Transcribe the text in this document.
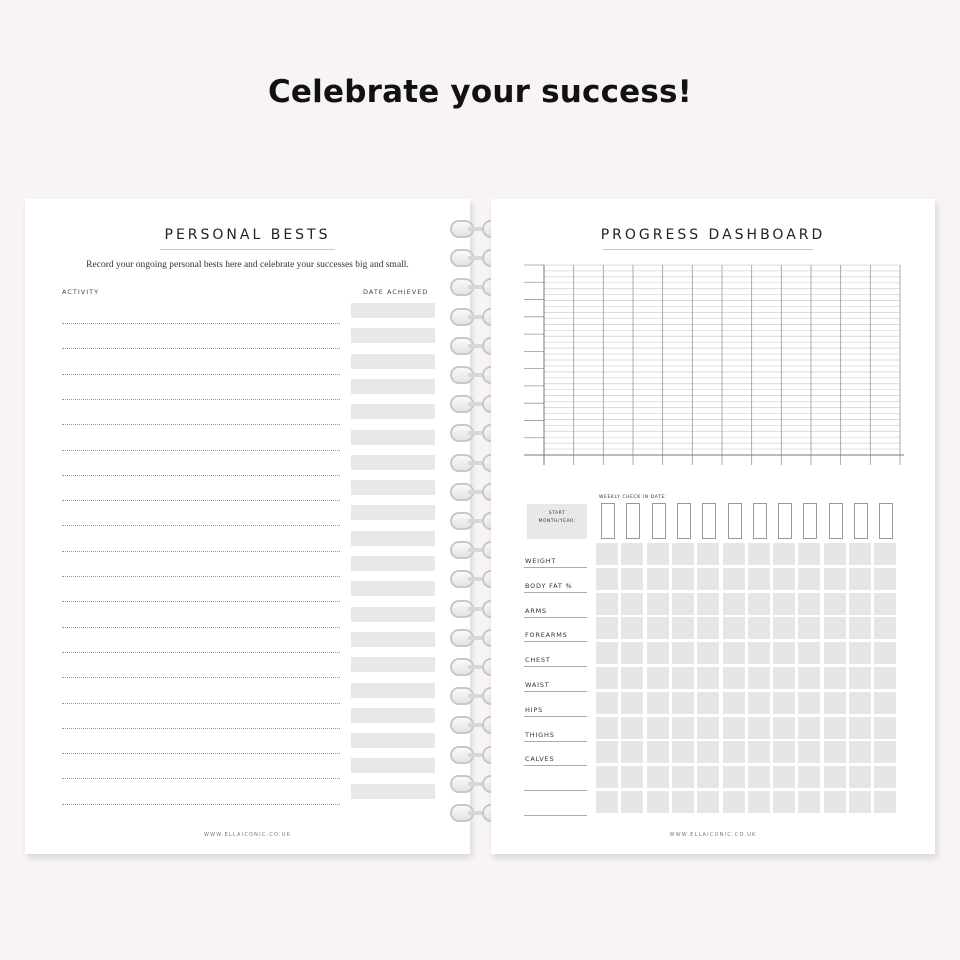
Celebrate your success!
PERSONAL BESTS
Record your ongoing personal bests here and celebrate your successes big and small.
ACTIVITY	DATE ACHIEVED
WWW.ELLAICONIC.CO.UK
PROGRESS DASHBOARD
START
MONTH/YEAR:
WEEKLY CHECK IN DATE:
WEIGHT
BODY FAT %
ARMS
FOREARMS
CHEST
WAIST
HIPS
THIGHS
CALVES
WWW.ELLAICONIC.CO.UK
